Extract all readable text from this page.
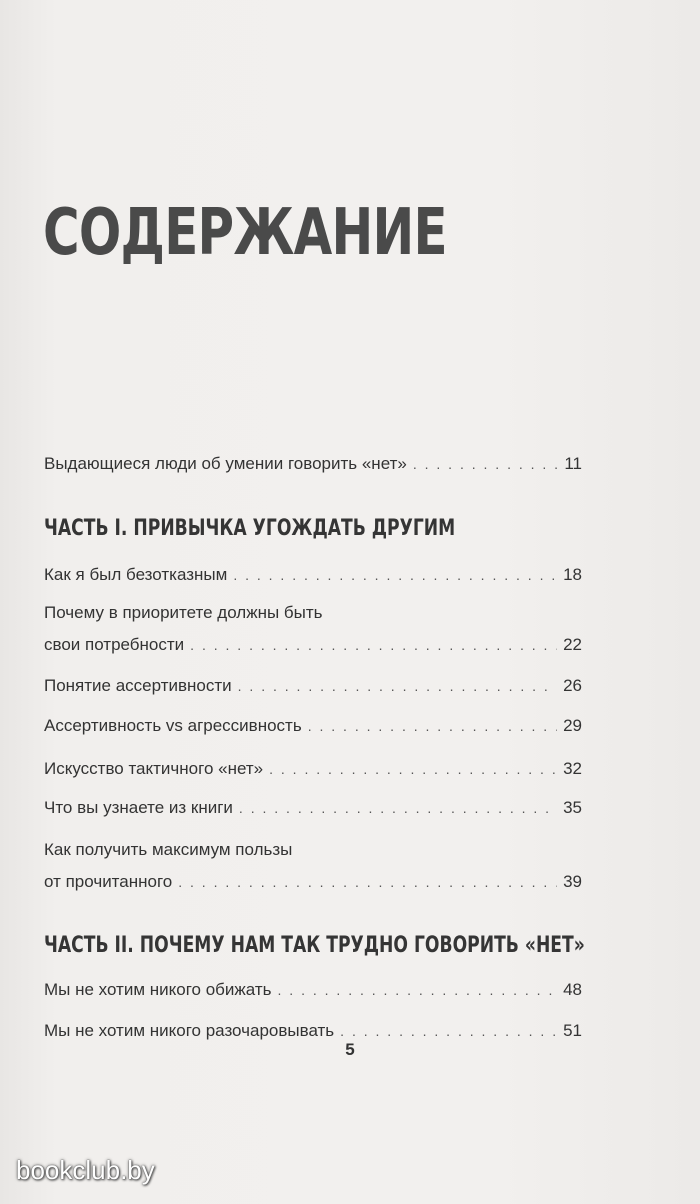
СОДЕРЖАНИЕ
Выдающиеся люди об умении говорить «нет» . . .	11
ЧАСТЬ I. ПРИВЫЧКА УГОЖДАТЬ ДРУГИМ
Как я был безотказным . . .	18
Почему в приоритете должны быть
свои потребности . . .	22
Понятие ассертивности . . .	26
Ассертивность vs агрессивность . . .	29
Искусство тактичного «нет» . . .	32
Что вы узнаете из книги . . .	35
Как получить максимум пользы
от прочитанного . . .	39
ЧАСТЬ II. ПОЧЕМУ НАМ ТАК ТРУДНО ГОВОРИТЬ «НЕТ»
Мы не хотим никого обижать . . .	48
Мы не хотим никого разочаровывать . . .	51
5
bookclub.by
